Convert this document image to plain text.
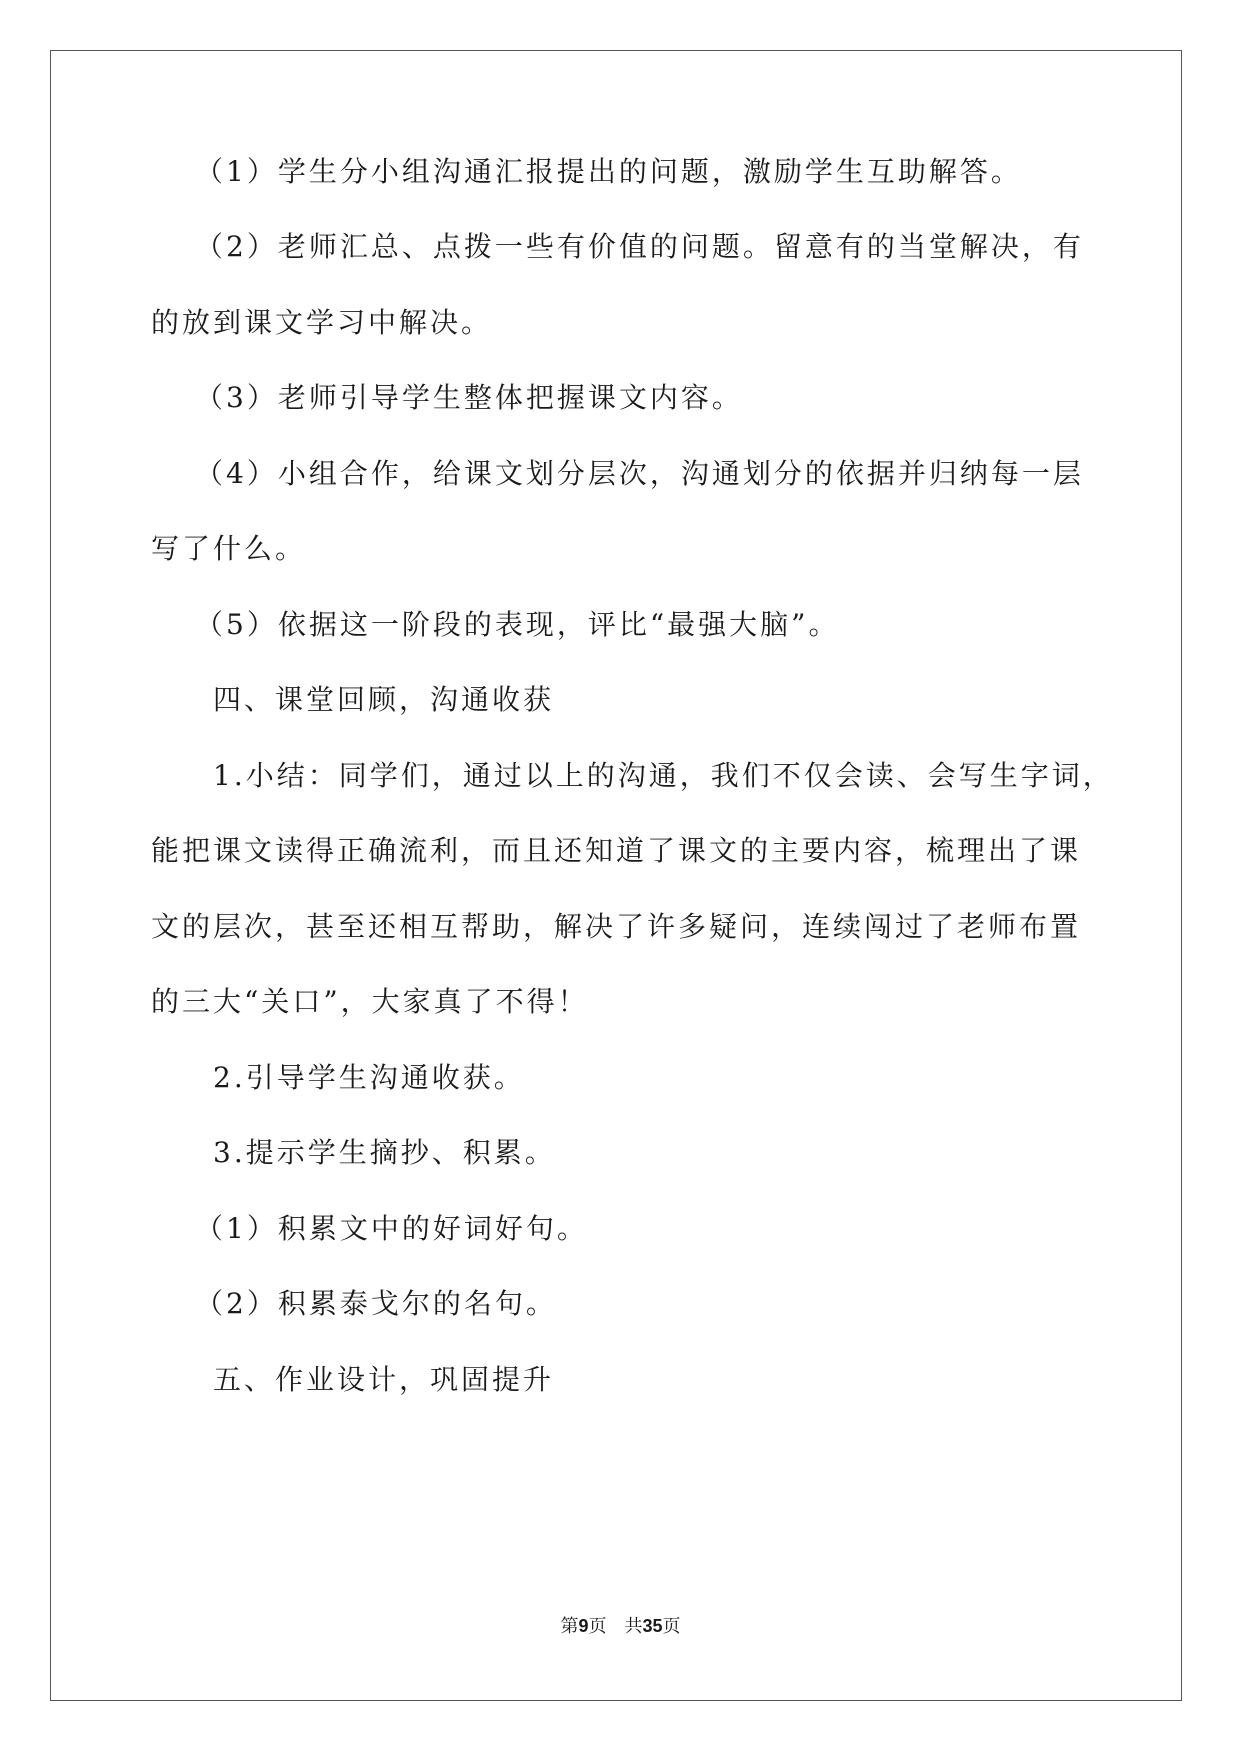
（1）学生分小组沟通汇报提出的问题，激励学生互助解答。
（2）老师汇总、点拨一些有价值的问题。留意有的当堂解决，有
的放到课文学习中解决。
（3）老师引导学生整体把握课文内容。
（4）小组合作，给课文划分层次，沟通划分的依据并归纳每一层
写了什么。
（5）依据这一阶段的表现，评比“最强大脑”。
四、课堂回顾，沟通收获
1.小结：同学们，通过以上的沟通，我们不仅会读、会写生字词，
能把课文读得正确流利，而且还知道了课文的主要内容，梳理出了课
文的层次，甚至还相互帮助，解决了许多疑问，连续闯过了老师布置
的三大“关口”，大家真了不得！
2.引导学生沟通收获。
3.提示学生摘抄、积累。
（1）积累文中的好词好句。
（2）积累泰戈尔的名句。
五、作业设计，巩固提升
第9页 共35页
